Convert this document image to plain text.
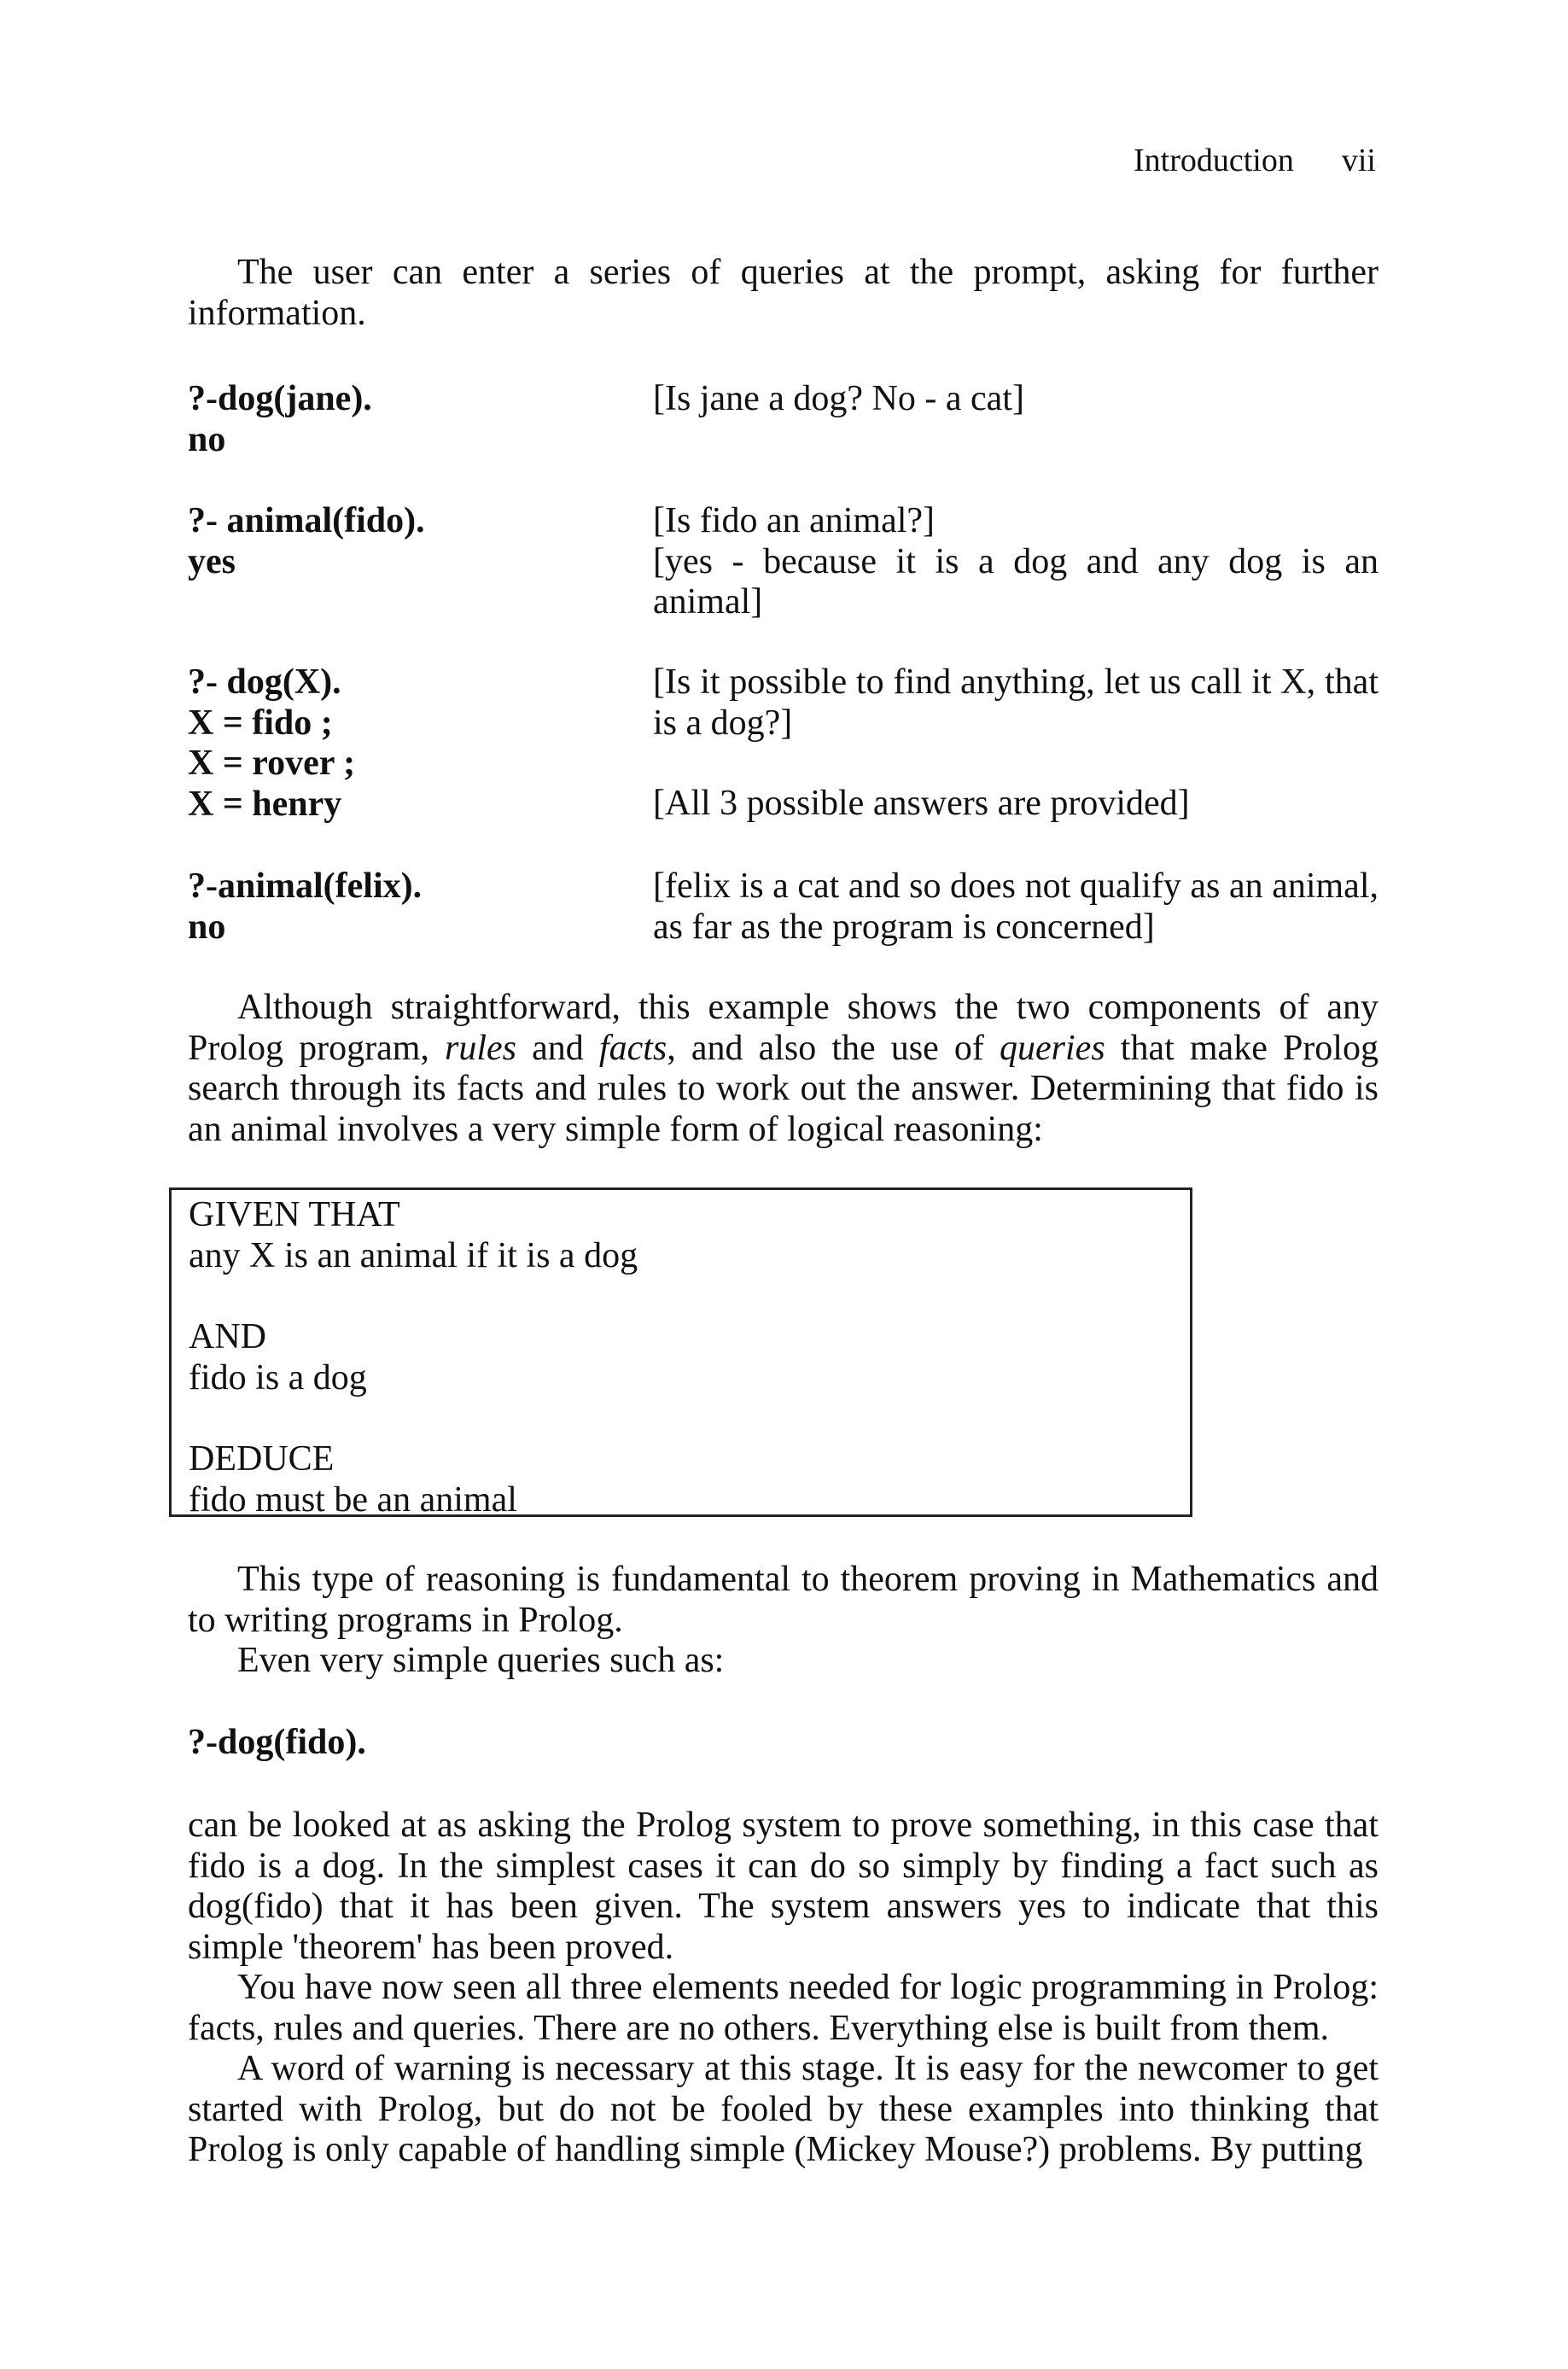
Introduction vii

The user can enter a series of queries at the prompt, asking for further information.

?-dog(jane).
no
[Is jane a dog? No - a cat]
?- animal(fido).
yes
[Is fido an animal?]
[yes - because it is a dog and any dog is an animal]
?- dog(X).
X = fido ;
X = rover ;
X = henry
[Is it possible to find anything, let us call it X, that is a dog?]
[All 3 possible answers are provided]
?-animal(felix).
no
[felix is a cat and so does not qualify as an animal, as far as the program is concerned]

Although straightforward, this example shows the two components of any Prolog program, rules and facts, and also the use of queries that make Prolog search through its facts and rules to work out the answer. Determining that fido is an animal involves a very simple form of logical reasoning:

GIVEN THAT
any X is an animal if it is a dog
AND
fido is a dog
DEDUCE
fido must be an animal

This type of reasoning is fundamental to theorem proving in Mathematics and to writing programs in Prolog.

Even very simple queries such as:

?-dog(fido).

can be looked at as asking the Prolog system to prove something, in this case that fido is a dog. In the simplest cases it can do so simply by finding a fact such as dog(fido) that it has been given. The system answers yes to indicate that this simple 'theorem' has been proved.

You have now seen all three elements needed for logic programming in Prolog: facts, rules and queries. There are no others. Everything else is built from them.

A word of warning is necessary at this stage. It is easy for the newcomer to get started with Prolog, but do not be fooled by these examples into thinking that Prolog is only capable of handling simple (Mickey Mouse?) problems. By putting
